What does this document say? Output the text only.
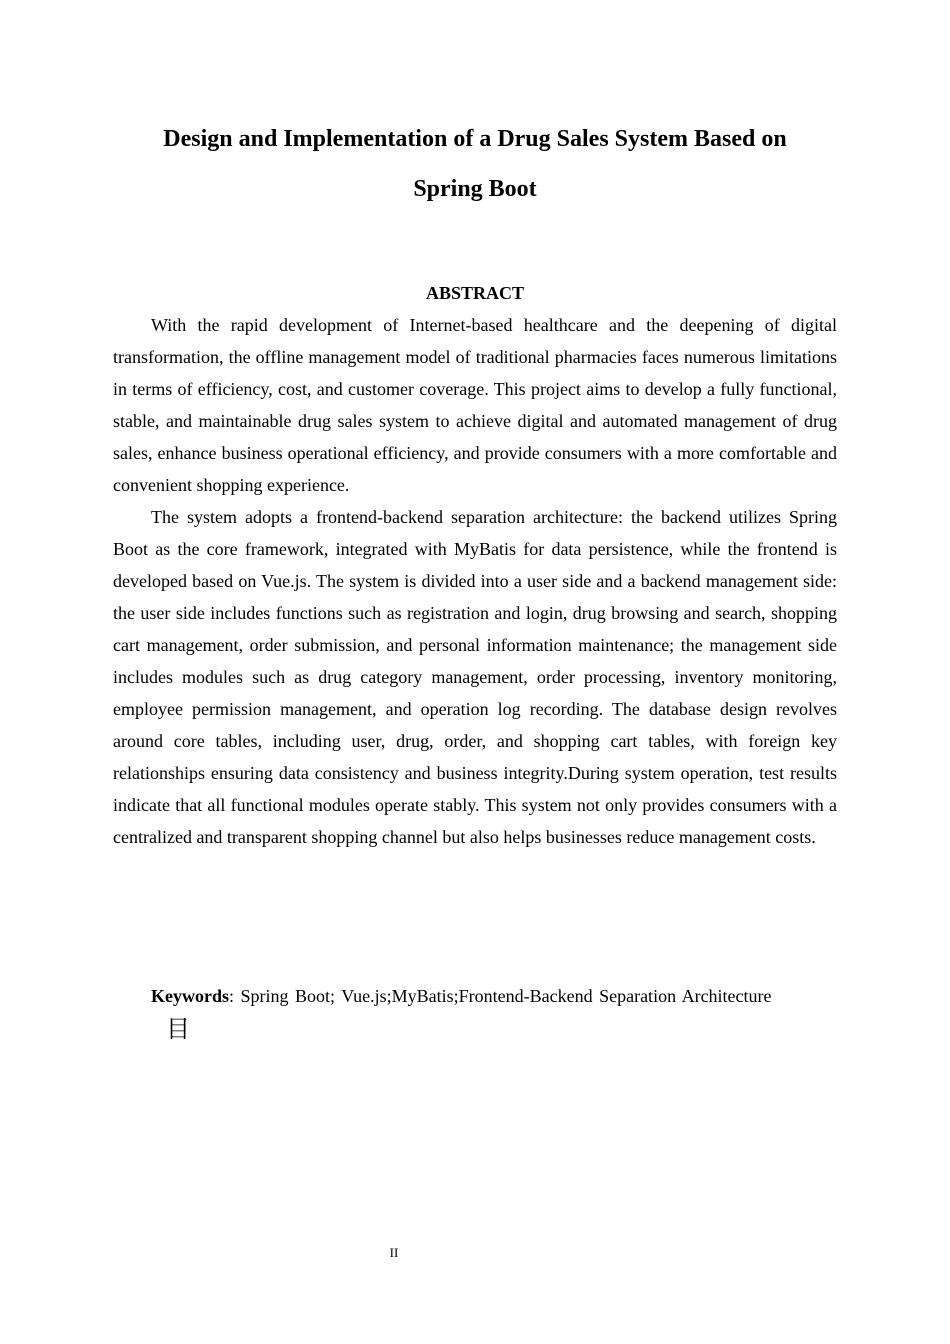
Design and Implementation of a Drug Sales System Based on
Spring Boot
ABSTRACT

With the rapid development of Internet-based healthcare and the deepening of digital transformation, the offline management model of traditional pharmacies faces numerous limitations in terms of efficiency, cost, and customer coverage. This project aims to develop a fully functional, stable, and maintainable drug sales system to achieve digital and automated management of drug sales, enhance business operational efficiency, and provide consumers with a more comfortable and convenient shopping experience.

The system adopts a frontend-backend separation architecture: the backend utilizes Spring Boot as the core framework, integrated with MyBatis for data persistence, while the frontend is developed based on Vue.js. The system is divided into a user side and a backend management side: the user side includes functions such as registration and login, drug browsing and search, shopping cart management, order submission, and personal information maintenance; the management side includes modules such as drug category management, order processing, inventory monitoring, employee permission management, and operation log recording. The database design revolves around core tables, including user, drug, order, and shopping cart tables, with foreign key relationships ensuring data consistency and business integrity.During system operation, test results indicate that all functional modules operate stably. This system not only provides consumers with a centralized and transparent shopping channel but also helps businesses reduce management costs.

Keywords: Spring Boot; Vue.js;MyBatis;Frontend-Backend Separation Architecture
目
II
